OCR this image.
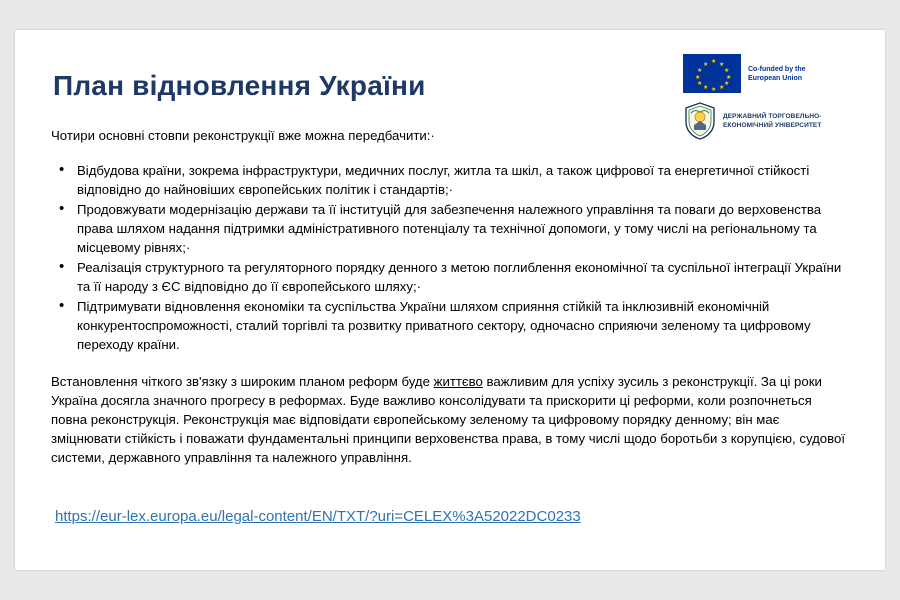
План відновлення України
★ ★
★
★
★
★
★
★
★
★
★
★
Co-funded by the
European Union
ДЕРЖАВНИЙ ТОРГОВЕЛЬНО-
ЕКОНОМІЧНИЙ УНІВЕРСИТЕТ
Чотири основні стовпи реконструкції вже можна передбачити:·
• Відбудова країни, зокрема інфраструктури, медичних послуг, житла та шкіл, а також цифрової та енергетичної стійкості відповідно до найновіших європейських політик і стандартів;·
• Продовжувати модернізацію держави та її інституцій для забезпечення належного управління та поваги до верховенства права шляхом надання підтримки адміністративного потенціалу та технічної допомоги, у тому числі на регіональному та місцевому рівнях;·
• Реалізація структурного та регуляторного порядку денного з метою поглиблення економічної та суспільної інтеграції України та її народу з ЄС відповідно до її європейського шляху;·
• Підтримувати відновлення економіки та суспільства України шляхом сприяння стійкій та інклюзивній економічній конкурентоспроможності, сталий торгівлі та розвитку приватного сектору, одночасно сприяючи зеленому та цифровому переходу країни.
Встановлення чіткого зв'язку з широким планом реформ буде життєво важливим для успіху зусиль з реконструкції. За ці роки Україна досягла значного прогресу в реформах. Буде важливо консолідувати та прискорити ці реформи, коли розпочнеться повна реконструкція. Реконструкція має відповідати європейському зеленому та цифровому порядку денному; він має зміцнювати стійкість і поважати фундаментальні принципи верховенства права, в тому числі щодо боротьби з корупцією, судової системи, державного управління та належного управління.
https://eur-lex.europa.eu/legal-content/EN/TXT/?uri=CELEX%3A52022DC0233
